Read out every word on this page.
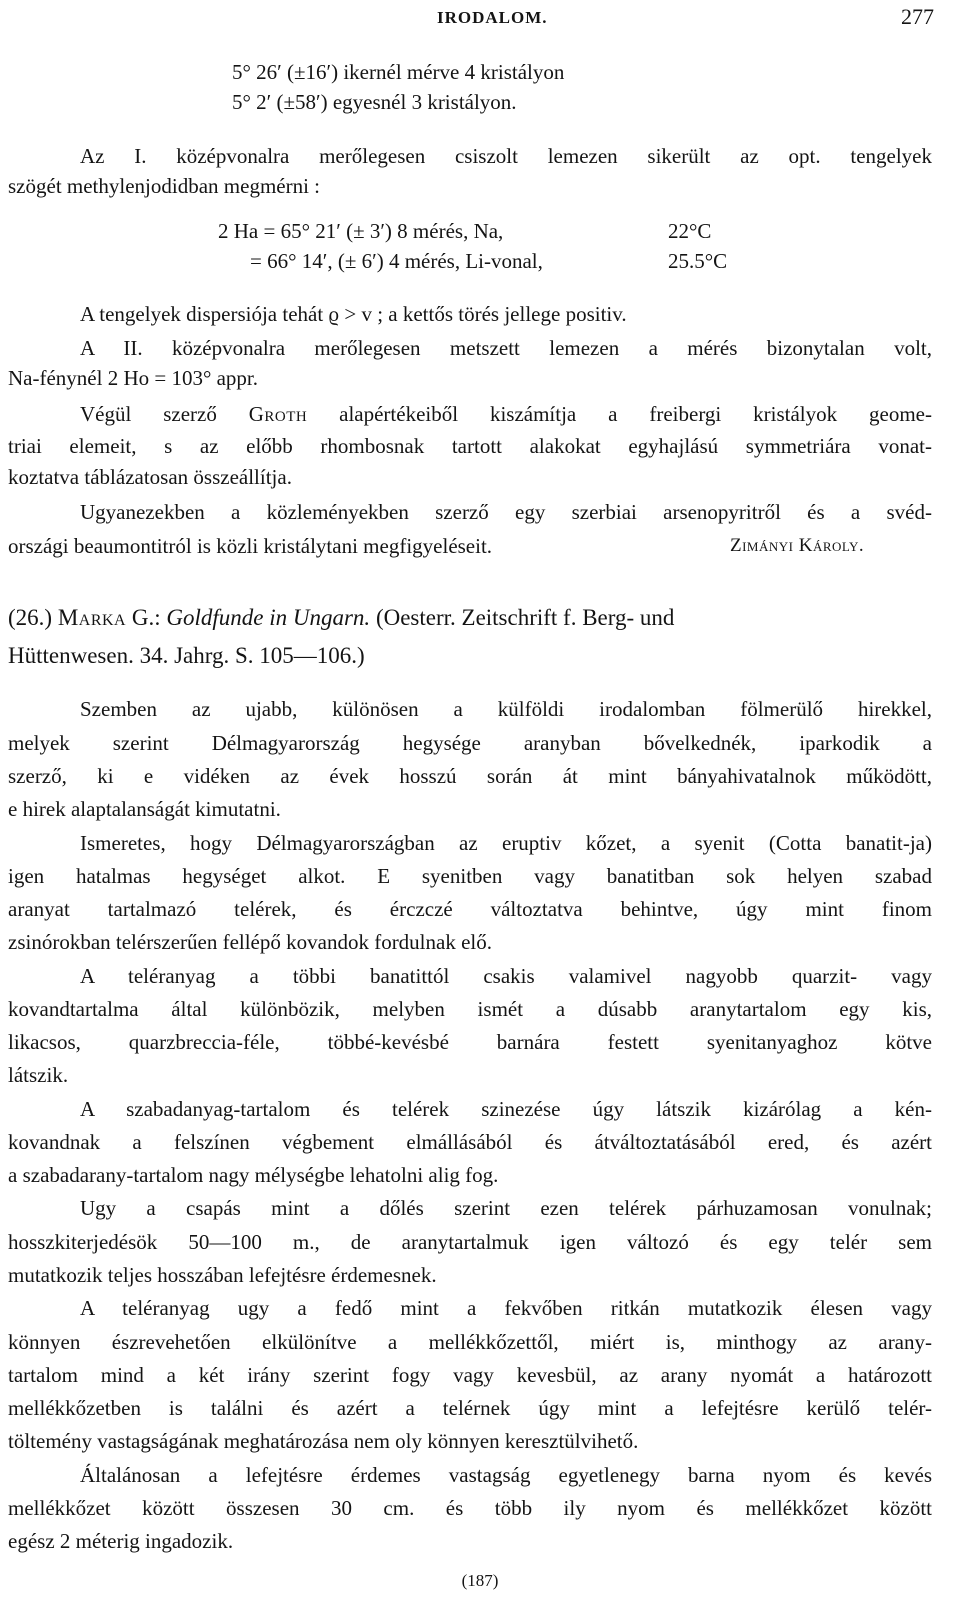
IRODALOM.	277
5° 26′ (±16′) ikernél mérve 4 kristályon
5° 2′ (±58′) egyesnél 3 kristályon.
Az I. középvonalra merőlegesen csiszolt lemezen sikerült az opt. tengelyek
szögét methylenjodidban megmérni :
2 Ha = 65° 21′ (± 3′) 8 mérés, Na,	22°C
= 66° 14′, (± 6′) 4 mérés, Li-vonal,	25.5°C
A tengelyek dispersiója tehát ϱ > v ; a kettős törés jellege positiv.
A II. középvonalra merőlegesen metszett lemezen a mérés bizonytalan volt,
Na-fénynél 2 Ho = 103° appr.
Végül szerző Groth alapértékeiből kiszámítja a freibergi kristályok geome-
triai elemeit, s az előbb rhombosnak tartott alakokat egyhajlású symmetriára vonat-
koztatva táblázatosan összeállítja.
Ugyanezekben a közleményekben szerző egy szerbiai arsenopyritről és a svéd-
országi beaumontitról is közli kristálytani megfigyeléseit.	Zimányi Károly.
(26.) Marka G.: Goldfunde in Ungarn. (Oesterr. Zeitschrift f. Berg- und
Hüttenwesen. 34. Jahrg. S. 105—106.)
Szemben az ujabb, különösen a külföldi irodalomban fölmerülő hirekkel,
melyek szerint Délmagyarország hegysége aranyban bővelkednék, iparkodik a
szerző, ki e vidéken az évek hosszú során át mint bányahivatalnok működött,
e hirek alaptalanságát kimutatni.
Ismeretes, hogy Délmagyarországban az eruptiv kőzet, a syenit (Cotta banatit-ja)
igen hatalmas hegységet alkot. E syenitben vagy banatitban sok helyen szabad
aranyat tartalmazó telérek, és érczczé változtatva behintve, úgy mint finom
zsinórokban telérszerűen fellépő kovandok fordulnak elő.
A teléranyag a többi banatittól csakis valamivel nagyobb quarzit- vagy
kovandtartalma által különbözik, melyben ismét a dúsabb aranytartalom egy kis,
likacsos, quarzbreccia-féle, többé-kevésbé barnára festett syenitanyaghoz kötve
látszik.
A szabadanyag-tartalom és telérek szinezése úgy látszik kizárólag a kén-
kovandnak a felszínen végbement elmállásából és átváltoztatásából ered, és azért
a szabadarany-tartalom nagy mélységbe lehatolni alig fog.
Ugy a csapás mint a dőlés szerint ezen telérek párhuzamosan vonulnak;
hosszkiterjedésök 50—100 m., de aranytartalmuk igen változó és egy telér sem
mutatkozik teljes hosszában lefejtésre érdemesnek.
A teléranyag ugy a fedő mint a fekvőben ritkán mutatkozik élesen vagy
könnyen észrevehetően elkülönítve a mellékkőzettől, miért is, minthogy az arany-
tartalom mind a két irány szerint fogy vagy kevesbül, az arany nyomát a határozott
mellékkőzetben is találni és azért a telérnek úgy mint a lefejtésre kerülő telér-
töltemény vastagságának meghatározása nem oly könnyen keresztülvihető.
Általánosan a lefejtésre érdemes vastagság egyetlenegy barna nyom és kevés
mellékkőzet között összesen 30 cm. és több ily nyom és mellékkőzet között
egész 2 méterig ingadozik.
(187)
